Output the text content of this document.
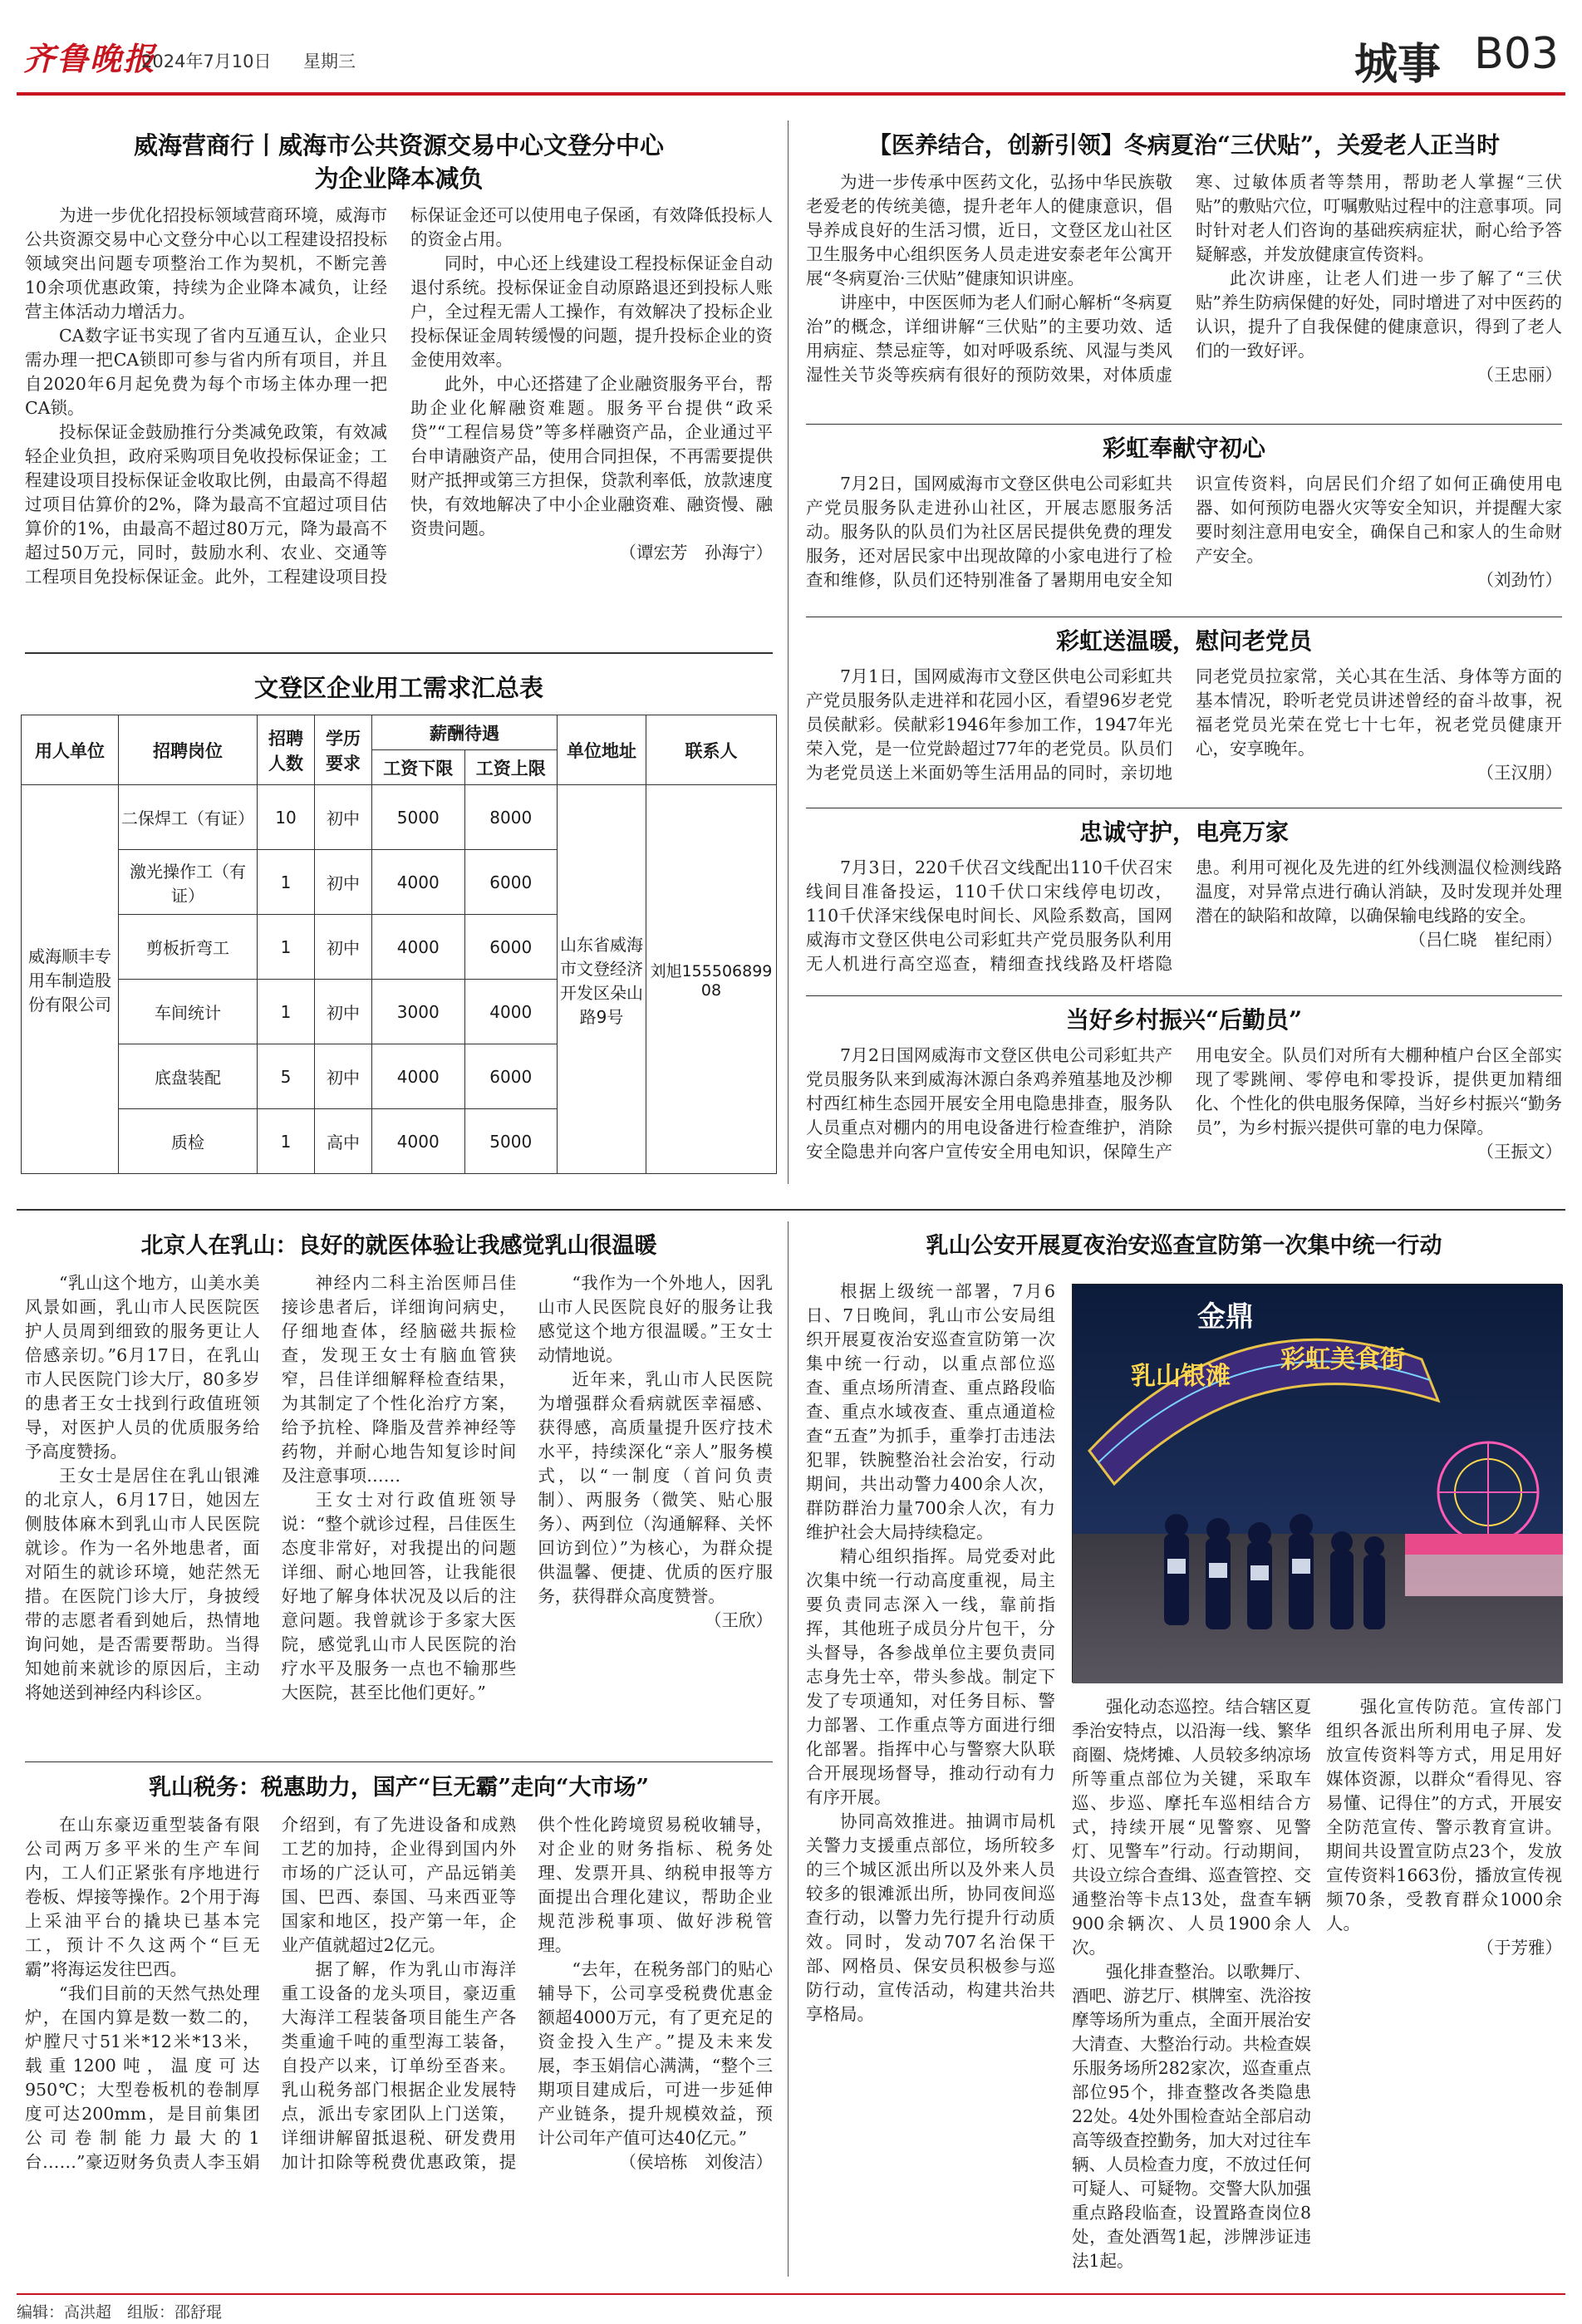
齐鲁晚报
2024年7月10日 星期三	城事 B03
威海营商行丨威海市公共资源交易中心文登分中心
为企业降本减负

为进一步优化招投标领域营商环境，威海市公共资源交易中心文登分中心以工程建设招投标领域突出问题专项整治工作为契机，不断完善10余项优惠政策，持续为企业降本减负，让经营主体活动力增活力。

CA数字证书实现了省内互通互认，企业只需办理一把CA锁即可参与省内所有项目，并且自2020年6月起免费为每个市场主体办理一把CA锁。

投标保证金鼓励推行分类减免政策，有效减轻企业负担，政府采购项目免收投标保证金；工程建设项目投标保证金收取比例，由最高不得超过项目估算价的2%，降为最高不宜超过项目估算价的1%，由最高不超过80万元，降为最高不超过50万元，同时，鼓励水利、农业、交通等工程项目免投标保证金。此外，工程建设项目投标保证金还可以使用电子保函，有效降低投标人的资金占用。

同时，中心还上线建设工程投标保证金自动退付系统。投标保证金自动原路退还到投标人账户，全过程无需人工操作，有效解决了投标企业投标保证金周转缓慢的问题，提升投标企业的资金使用效率。

此外，中心还搭建了企业融资服务平台，帮助企业化解融资难题。服务平台提供“政采贷”“工程信易贷”等多样融资产品，企业通过平台申请融资产品，使用合同担保，不再需要提供财产抵押或第三方担保，贷款利率低，放款速度快，有效地解决了中小企业融资难、融资慢、融资贵问题。

（谭宏芳　孙海宁）
文登区企业用工需求汇总表
用人单位	招聘岗位	招聘人数	学历要求	薪酬待遇		单位地址	联系人
				工资下限	工资上限		
威海顺丰专用车制造股份有限公司	二保焊工（有证）	10	初中	5000	8000	山东省威海市文登经济开发区朵山路9号	刘旭15550689908
	激光操作工（有证）	1	初中	4000	6000		
	剪板折弯工	1	初中	4000	6000		
	车间统计	1	初中	3000	4000		
	底盘装配	5	初中	4000	6000		
	质检	1	高中	4000	5000		
【医养结合，创新引领】冬病夏治“三伏贴”，关爱老人正当时

为进一步传承中医药文化，弘扬中华民族敬老爱老的传统美德，提升老年人的健康意识，倡导养成良好的生活习惯，近日，文登区龙山社区卫生服务中心组织医务人员走进安泰老年公寓开展“冬病夏治·三伏贴”健康知识讲座。

讲座中，中医医师为老人们耐心解析“冬病夏治”的概念，详细讲解“三伏贴”的主要功效、适用病症、禁忌症等，如对呼吸系统、风湿与类风湿性关节炎等疾病有很好的预防效果，对体质虚寒、过敏体质者等禁用，帮助老人掌握“三伏贴”的敷贴穴位，叮嘱敷贴过程中的注意事项。同时针对老人们咨询的基础疾病症状，耐心给予答疑解惑，并发放健康宣传资料。

此次讲座，让老人们进一步了解了“三伏贴”养生防病保健的好处，同时增进了对中医药的认识，提升了自我保健的健康意识，得到了老人们的一致好评。

（王忠丽）
彩虹奉献守初心

7月2日，国网威海市文登区供电公司彩虹共产党员服务队走进孙山社区，开展志愿服务活动。服务队的队员们为社区居民提供免费的理发服务，还对居民家中出现故障的小家电进行了检查和维修，队员们还特别准备了暑期用电安全知识宣传资料，向居民们介绍了如何正确使用电器、如何预防电器火灾等安全知识，并提醒大家要时刻注意用电安全，确保自己和家人的生命财产安全。

（刘劲竹）
彩虹送温暖，慰问老党员

7月1日，国网威海市文登区供电公司彩虹共产党员服务队走进祥和花园小区，看望96岁老党员侯献彩。侯献彩1946年参加工作，1947年光荣入党，是一位党龄超过77年的老党员。队员们为老党员送上米面奶等生活用品的同时，亲切地同老党员拉家常，关心其在生活、身体等方面的基本情况，聆听老党员讲述曾经的奋斗故事，祝福老党员光荣在党七十七年，祝老党员健康开心，安享晚年。

（王汉朋）
忠诚守护，电亮万家

7月3日，220千伏召文线配出110千伏召宋线间目准备投运，110千伏口宋线停电切改，110千伏泽宋线保电时间长、风险系数高，国网威海市文登区供电公司彩虹共产党员服务队利用无人机进行高空巡查，精细查找线路及杆塔隐患。利用可视化及先进的红外线测温仪检测线路温度，对异常点进行确认消缺，及时发现并处理潜在的缺陷和故障，以确保输电线路的安全。

（吕仁晓　崔纪雨）
当好乡村振兴“后勤员”

7月2日国网威海市文登区供电公司彩虹共产党员服务队来到威海沐源白条鸡养殖基地及沙柳村西红柿生态园开展安全用电隐患排查，服务队人员重点对棚内的用电设备进行检查维护，消除安全隐患并向客户宣传安全用电知识，保障生产用电安全。队员们对所有大棚种植户台区全部实现了零跳闸、零停电和零投诉，提供更加精细化、个性化的供电服务保障，当好乡村振兴“勤务员”，为乡村振兴提供可靠的电力保障。

（王振文）
北京人在乳山：良好的就医体验让我感觉乳山很温暖

“乳山这个地方，山美水美风景如画，乳山市人民医院医护人员周到细致的服务更让人倍感亲切。”6月17日，在乳山市人民医院门诊大厅，80多岁的患者王女士找到行政值班领导，对医护人员的优质服务给予高度赞扬。

王女士是居住在乳山银滩的北京人，6月17日，她因左侧肢体麻木到乳山市人民医院就诊。作为一名外地患者，面对陌生的就诊环境，她茫然无措。在医院门诊大厅，身披绶带的志愿者看到她后，热情地询问她，是否需要帮助。当得知她前来就诊的原因后，主动将她送到神经内科诊区。

神经内二科主治医师吕佳接诊患者后，详细询问病史，仔细地查体，经脑磁共振检查，发现王女士有脑血管狭窄，吕佳详细解释检查结果，为其制定了个性化治疗方案，给予抗栓、降脂及营养神经等药物，并耐心地告知复诊时间及注意事项……

王女士对行政值班领导说：“整个就诊过程，吕佳医生态度非常好，对我提出的问题详细、耐心地回答，让我能很好地了解身体状况及以后的注意问题。我曾就诊于多家大医院，感觉乳山市人民医院的治疗水平及服务一点也不输那些大医院，甚至比他们更好。”

“我作为一个外地人，因乳山市人民医院良好的服务让我感觉这个地方很温暖。”王女士动情地说。

近年来，乳山市人民医院为增强群众看病就医幸福感、获得感，高质量提升医疗技术水平，持续深化“亲人”服务模式，以“一制度（首问负责制）、两服务（微笑、贴心服务）、两到位（沟通解释、关怀回访到位）”为核心，为群众提供温馨、便捷、优质的医疗服务，获得群众高度赞誉。

（王欣）
乳山税务：税惠助力，国产“巨无霸”走向“大市场”

在山东豪迈重型装备有限公司两万多平米的生产车间内，工人们正紧张有序地进行卷板、焊接等操作。2个用于海上采油平台的撬块已基本完工，预计不久这两个“巨无霸”将海运发往巴西。

“我们目前的天然气热处理炉，在国内算是数一数二的，炉膛尺寸51米*12米*13米，载重1200吨，温度可达950℃；大型卷板机的卷制厚度可达200mm，是目前集团公司卷制能力最大的1台……”豪迈财务负责人李玉娟介绍到，有了先进设备和成熟工艺的加持，企业得到国内外市场的广泛认可，产品远销美国、巴西、泰国、马来西亚等国家和地区，投产第一年，企业产值就超过2亿元。

据了解，作为乳山市海洋重工设备的龙头项目，豪迈重大海洋工程装备项目能生产各类重逾千吨的重型海工装备，自投产以来，订单纷至沓来。乳山税务部门根据企业发展特点，派出专家团队上门送策，详细讲解留抵退税、研发费用加计扣除等税费优惠政策，提供个性化跨境贸易税收辅导，对企业的财务指标、税务处理、发票开具、纳税申报等方面提出合理化建议，帮助企业规范涉税事项、做好涉税管理。

“去年，在税务部门的贴心辅导下，公司享受税费优惠金额超4000万元，有了更充足的资金投入生产。”提及未来发展，李玉娟信心满满，“整个三期项目建成后，可进一步延伸产业链条，提升规模效益，预计公司年产值可达40亿元。”

（侯培栋　刘俊洁）
乳山公安开展夏夜治安巡查宣防第一次集中统一行动

根据上级统一部署，7月6日、7日晚间，乳山市公安局组织开展夏夜治安巡查宣防第一次集中统一行动，以重点部位巡查、重点场所清查、重点路段临查、重点水域夜查、重点通道检查“五查”为抓手，重拳打击违法犯罪，铁腕整治社会治安，行动期间，共出动警力400余人次，群防群治力量700余人次，有力维护社会大局持续稳定。

精心组织指挥。局党委对此次集中统一行动高度重视，局主要负责同志深入一线，靠前指挥，其他班子成员分片包干，分头督导，各参战单位主要负责同志身先士卒，带头参战。制定下发了专项通知，对任务目标、警力部署、工作重点等方面进行细化部署。指挥中心与警察大队联合开展现场督导，推动行动有力有序开展。

协同高效推进。抽调市局机关警力支援重点部位，场所较多的三个城区派出所以及外来人员较多的银滩派出所，协同夜间巡查行动，以警力先行提升行动质效。同时，发动707名治保干部、网格员、保安员积极参与巡防行动，宣传活动，构建共治共享格局。

乳山银滩
彩虹美食街
金鼎

强化动态巡控。结合辖区夏季治安特点，以沿海一线、繁华商圈、烧烤摊、人员较多纳凉场所等重点部位为关键，采取车巡、步巡、摩托车巡相结合方式，持续开展“见警察、见警灯、见警车”行动。行动期间，共设立综合查缉、巡查管控、交通整治等卡点13处，盘查车辆900余辆次、人员1900余人次。

强化排查整治。以歌舞厅、酒吧、游艺厅、棋牌室、洗浴按摩等场所为重点，全面开展治安大清查、大整治行动。共检查娱乐服务场所282家次，巡查重点部位95个，排查整改各类隐患22处。4处外围检查站全部启动高等级查控勤务，加大对过往车辆、人员检查力度，不放过任何可疑人、可疑物。交警大队加强重点路段临查，设置路查岗位8处，查处酒驾1起，涉牌涉证违法1起。

强化宣传防范。宣传部门组织各派出所利用电子屏、发放宣传资料等方式，用足用好媒体资源，以群众“看得见、容易懂、记得住”的方式，开展安全防范宣传、警示教育宣讲。期间共设置宣防点23个，发放宣传资料1663份，播放宣传视频70条，受教育群众1000余人。

（于芳雅）
编辑：高洪超　组版：邵舒琨
